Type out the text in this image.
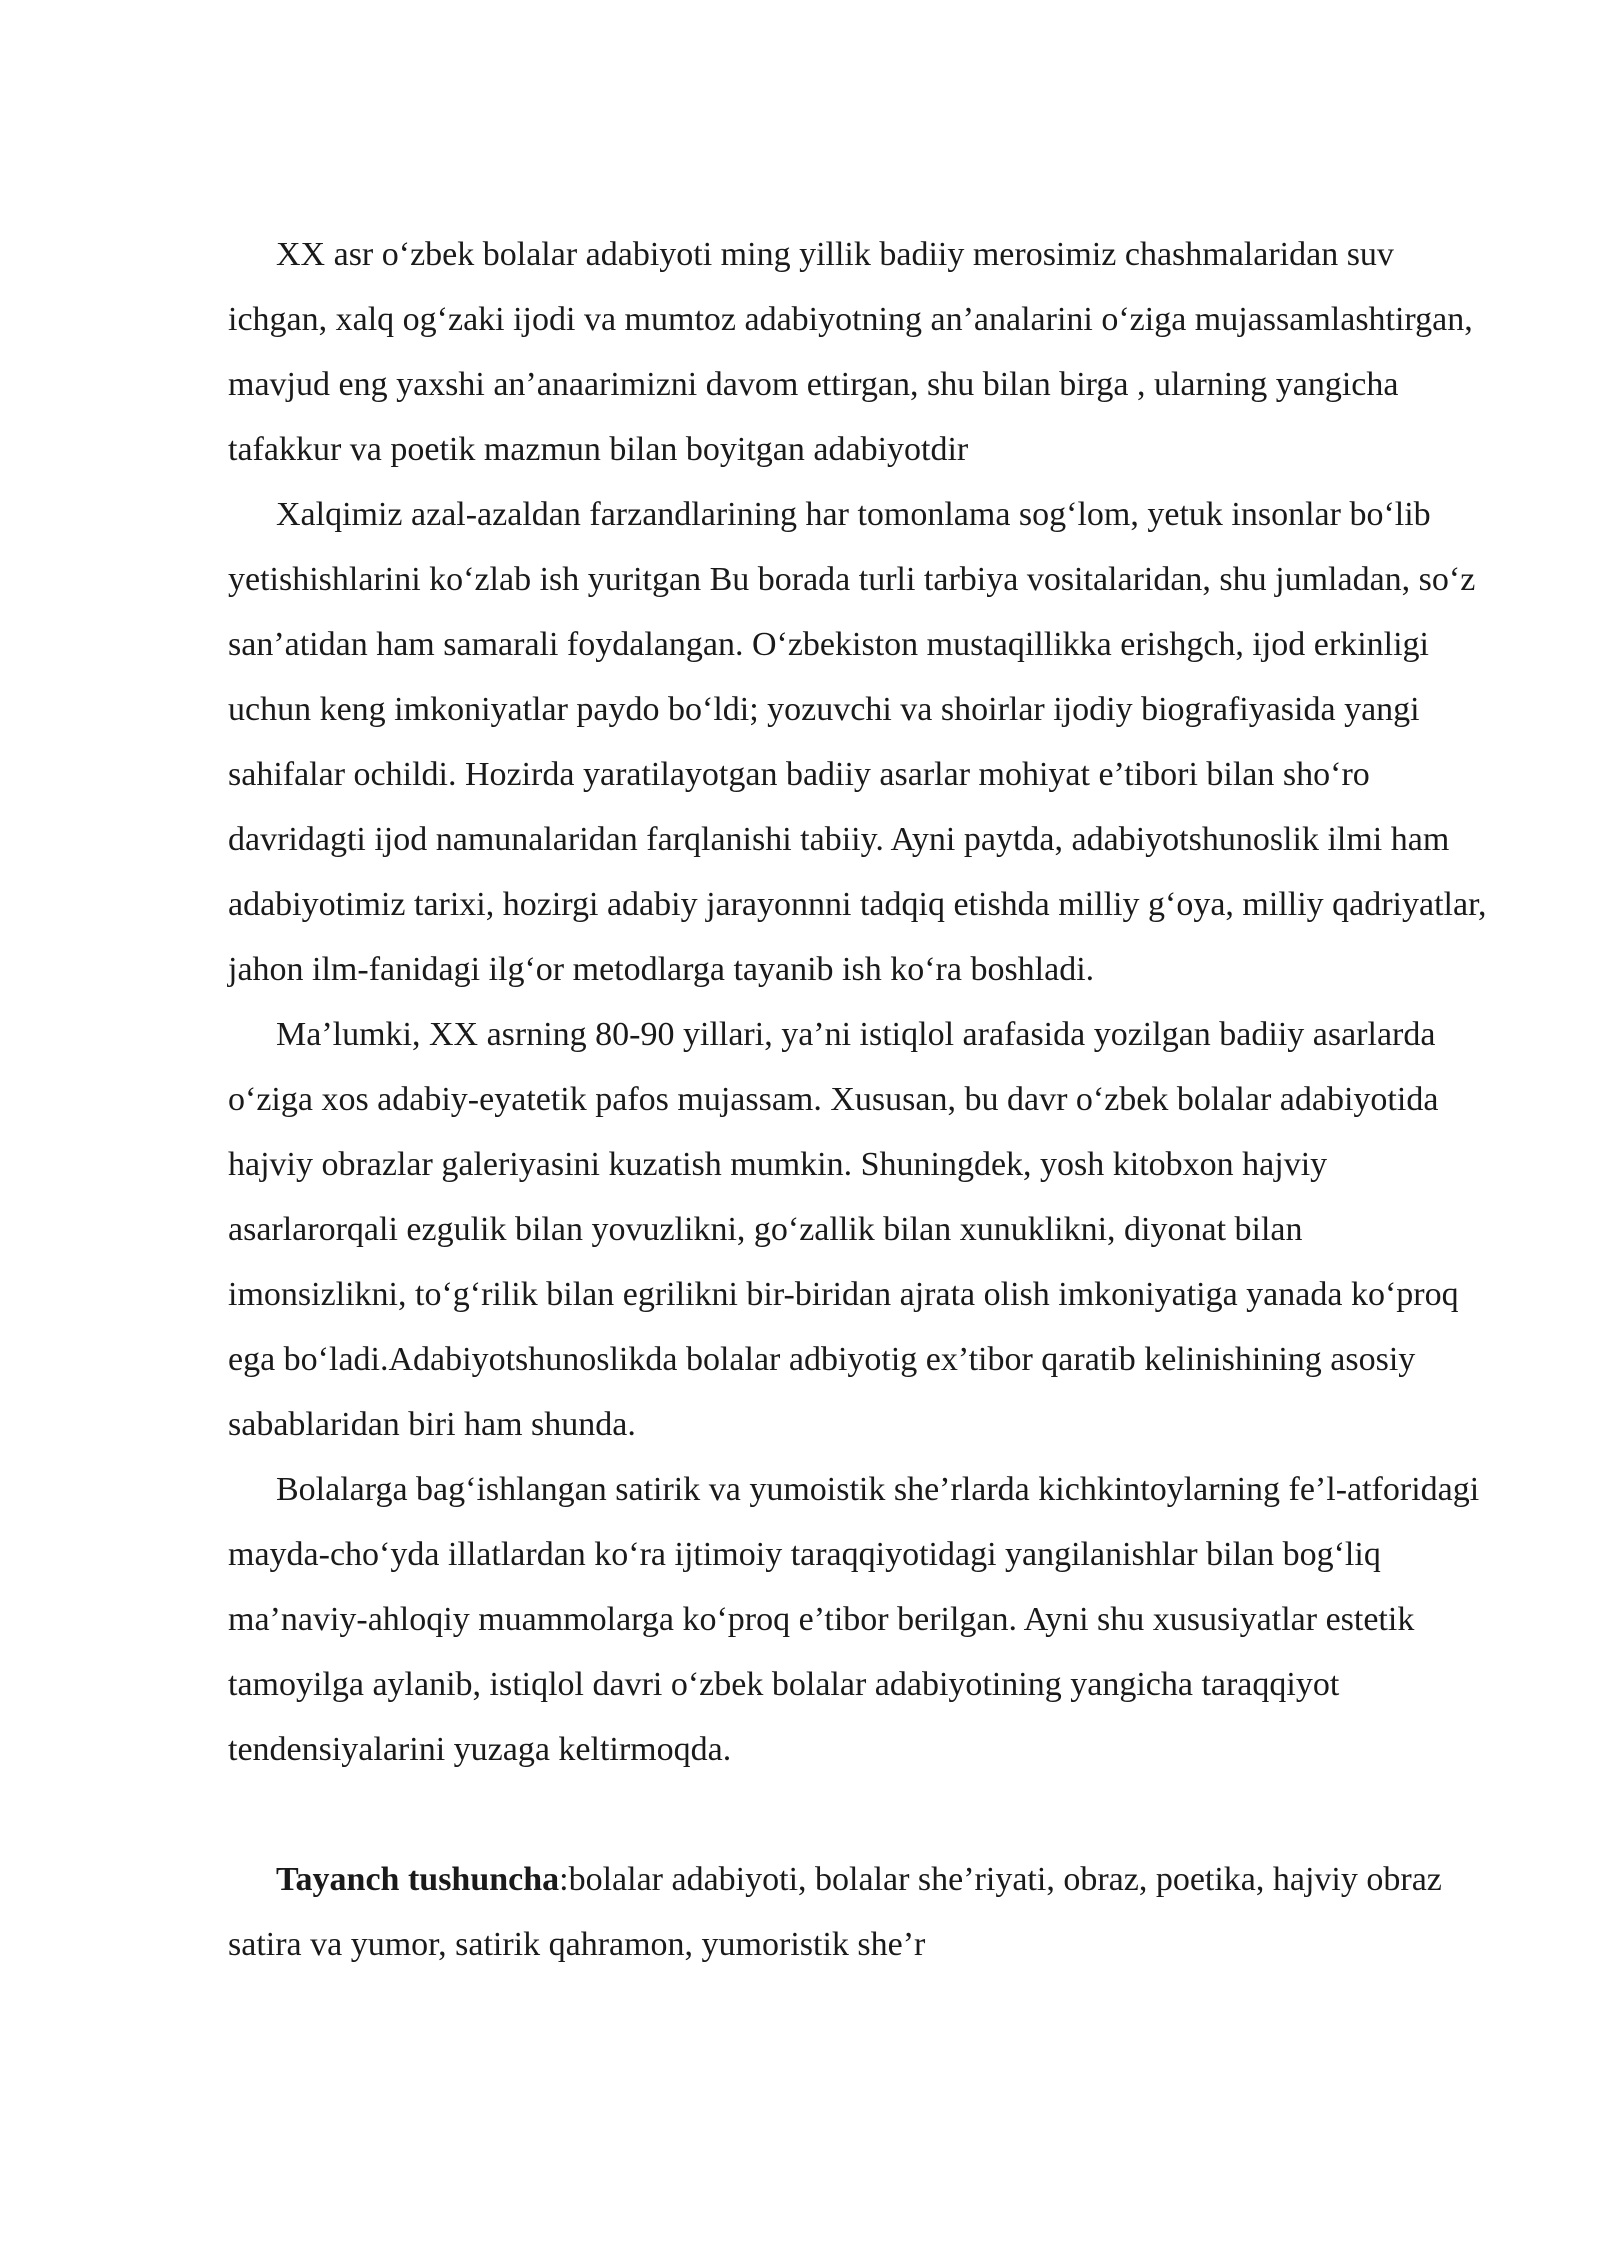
XX asr o‘zbek bolalar adabiyoti ming yillik badiiy merosimiz chashmalaridan suv ichgan, xalq og‘zaki ijodi va mumtoz adabiyotning an’analarini o‘ziga mujassamlashtirgan, mavjud eng yaxshi an’anaarimizni davom ettirgan, shu bilan birga , ularning yangicha tafakkur va poetik mazmun bilan boyitgan adabiyotdir

Xalqimiz azal-azaldan farzandlarining har tomonlama sog‘lom, yetuk insonlar bo‘lib yetishishlarini ko‘zlab ish yuritgan Bu borada turli tarbiya vositalaridan, shu jumladan, so‘z san’atidan ham samarali foydalangan. O‘zbekiston mustaqillikka erishgch, ijod erkinligi uchun keng imkoniyatlar paydo bo‘ldi; yozuvchi va shoirlar ijodiy biografiyasida yangi sahifalar ochildi. Hozirda yaratilayotgan badiiy asarlar mohiyat e’tibori bilan sho‘ro davridagti ijod namunalaridan farqlanishi tabiiy. Ayni paytda, adabiyotshunoslik ilmi ham adabiyotimiz tarixi, hozirgi adabiy jarayonnni tadqiq etishda milliy g‘oya, milliy qadriyatlar, jahon ilm-fanidagi ilg‘or metodlarga tayanib ish ko‘ra boshladi.

Ma’lumki, XX asrning 80-90 yillari, ya’ni istiqlol arafasida yozilgan badiiy asarlarda o‘ziga xos adabiy-eyatetik pafos mujassam. Xususan, bu davr o‘zbek bolalar adabiyotida hajviy obrazlar galeriyasini kuzatish mumkin. Shuningdek, yosh kitobxon hajviy asarlarorqali ezgulik bilan yovuzlikni, go‘zallik bilan xunuklikni, diyonat bilan imonsizlikni, to‘g‘rilik bilan egrilikni bir-biridan ajrata olish imkoniyatiga yanada ko‘proq ega bo‘ladi.Adabiyotshunoslikda bolalar adbiyotig ex’tibor qaratib kelinishining asosiy sabablaridan biri ham shunda.

Bolalarga bag‘ishlangan satirik va yumoistik she’rlarda kichkintoylarning fe’l-atforidagi mayda-cho‘yda illatlardan ko‘ra ijtimoiy taraqqiyotidagi yangilanishlar bilan bog‘liq ma’naviy-ahloqiy muammolarga ko‘proq e’tibor berilgan. Ayni shu xususiyatlar estetik tamoyilga aylanib, istiqlol davri o‘zbek bolalar adabiyotining yangicha taraqqiyot tendensiyalarini yuzaga keltirmoqda.

Tayanch tushuncha:bolalar adabiyoti, bolalar she’riyati, obraz, poetika, hajviy obraz satira va yumor, satirik qahramon, yumoristik she’r
